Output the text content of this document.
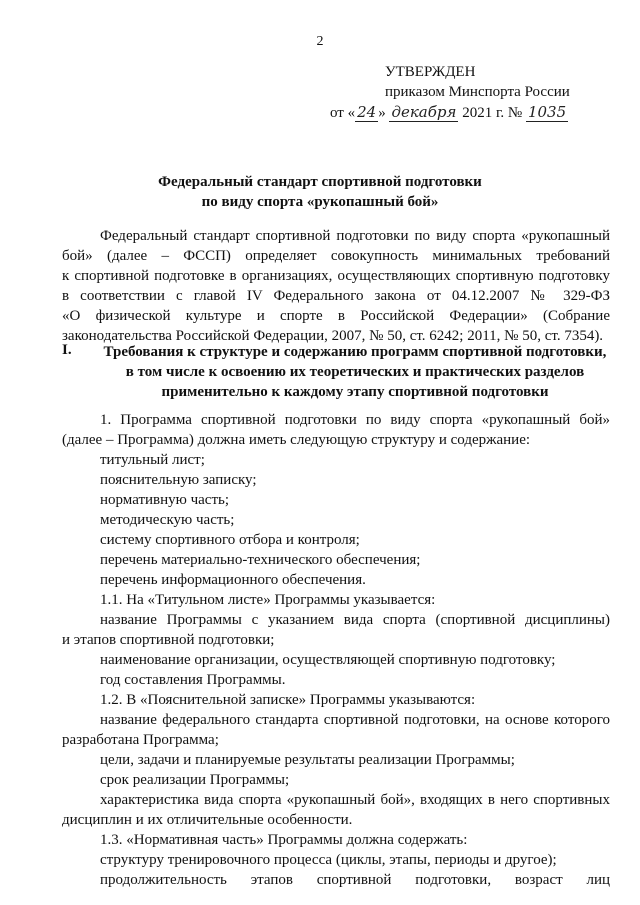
2
УТВЕРЖДЕН
приказом Минспорта России
от « 24 » декабря 2021 г. № 1035
Федеральный стандарт спортивной подготовки
по виду спорта «рукопашный бой»
Федеральный стандарт спортивной подготовки по виду спорта «рукопашный
бой» (далее – ФССП) определяет совокупность минимальных требований
к спортивной подготовке в организациях, осуществляющих спортивную подготовку
в соответствии с главой IV Федерального закона от 04.12.2007 № 329-ФЗ
«О физической культуре и спорте в Российской Федерации» (Собрание
законодательства Российской Федерации, 2007, № 50, ст. 6242; 2011, № 50, ст. 7354).
I. Требования к структуре и содержанию программ спортивной подготовки,
в том числе к освоению их теоретических и практических разделов
применительно к каждому этапу спортивной подготовки
1. Программа спортивной подготовки по виду спорта «рукопашный бой»
(далее – Программа) должна иметь следующую структуру и содержание:
титульный лист;
пояснительную записку;
нормативную часть;
методическую часть;
систему спортивного отбора и контроля;
перечень материально-технического обеспечения;
перечень информационного обеспечения.
1.1. На «Титульном листе» Программы указывается:
название Программы с указанием вида спорта (спортивной дисциплины)
и этапов спортивной подготовки;
наименование организации, осуществляющей спортивную подготовку;
год составления Программы.
1.2. В «Пояснительной записке» Программы указываются:
название федерального стандарта спортивной подготовки, на основе которого
разработана Программа;
цели, задачи и планируемые результаты реализации Программы;
срок реализации Программы;
характеристика вида спорта «рукопашный бой», входящих в него спортивных
дисциплин и их отличительные особенности.
1.3. «Нормативная часть» Программы должна содержать:
структуру тренировочного процесса (циклы, этапы, периоды и другое);
продолжительность этапов спортивной подготовки, возраст лиц
